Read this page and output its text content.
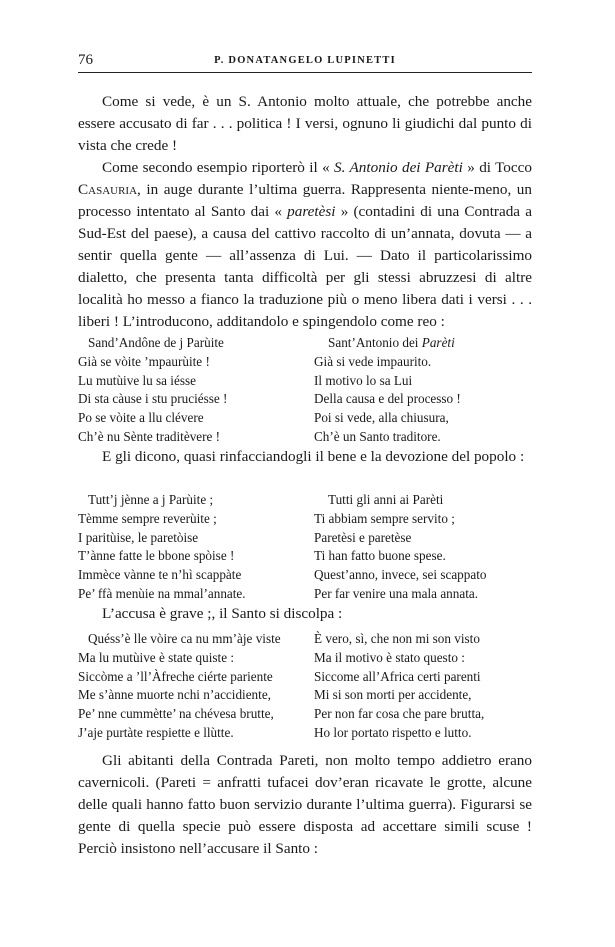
76	P. DONATANGELO LUPINETTI

Come si vede, è un S. Antonio molto attuale, che potrebbe anche essere accusato di far . . . politica ! I versi, ognuno li giudichi dal punto di vista che crede !

Come secondo esempio riporterò il « S. Antonio dei Parèti » di Tocco Casauria, in auge durante l’ultima guerra. Rappresenta niente-meno, un processo intentato al Santo dai « paretèsi » (contadini di una Contrada a Sud-Est del paese), a causa del cattivo raccolto di un’annata, dovuta — a sentir quella gente — all’assenza di Lui. — Dato il particolarissimo dialetto, che presenta tanta difficoltà per gli stessi abruzzesi di altre località ho messo a fianco la traduzione più o meno libera dati i versi . . . liberi ! L’introducono, additandolo e spingendolo come reo :

Sand’Andône de j Parùite
Già se vòite ’mpaurùite !
Lu mutùive lu sa iésse
Di sta càuse i stu pruciésse !
Po se vòite a llu clévere
Ch’è nu Sènte traditèvere !
Sant’Antonio dei Parèti
Già si vede impaurito.
Il motivo lo sa Lui
Della causa e del processo !
Poi si vede, alla chiusura,
Ch’è un Santo traditore.

E gli dicono, quasi rinfacciandogli il bene e la devozione del popolo :

Tutt’j jènne a j Parùite ;
Tèmme sempre reverùite ;
I paritùise, le paretòise
T’ànne fatte le bbone spòise !
Immèce vànne te n’hì scappàte
Pe’ ffà menùie na mmal’annate.
Tutti gli anni ai Parèti
Ti abbiam sempre servito ;
Paretèsi e paretèse
Ti han fatto buone spese.
Quest’anno, invece, sei scappato
Per far venire una mala annata.

L’accusa è grave ;, il Santo si discolpa :

Quéss’è lle vòire ca nu mm’àje viste
Ma lu mutùive è state quiste :
Siccòme a ’ll’Àfreche ciérte pariente
Me s’ànne muorte nchi n’accidiente,
Pe’ nne cummètte’ na chévesa brutte,
J’aje purtàte respiette e llùtte.
È vero, sì, che non mi son visto
Ma il motivo è stato questo :
Siccome all’Africa certi parenti
Mi si son morti per accidente,
Per non far cosa che pare brutta,
Ho lor portato rispetto e lutto.

Gli abitanti della Contrada Pareti, non molto tempo addietro erano cavernicoli. (Pareti = anfratti tufacei dov’eran ricavate le grotte, alcune delle quali hanno fatto buon servizio durante l’ultima guerra). Figurarsi se gente di quella specie può essere disposta ad accettare simili scuse ! Perciò insistono nell’accusare il Santo :
